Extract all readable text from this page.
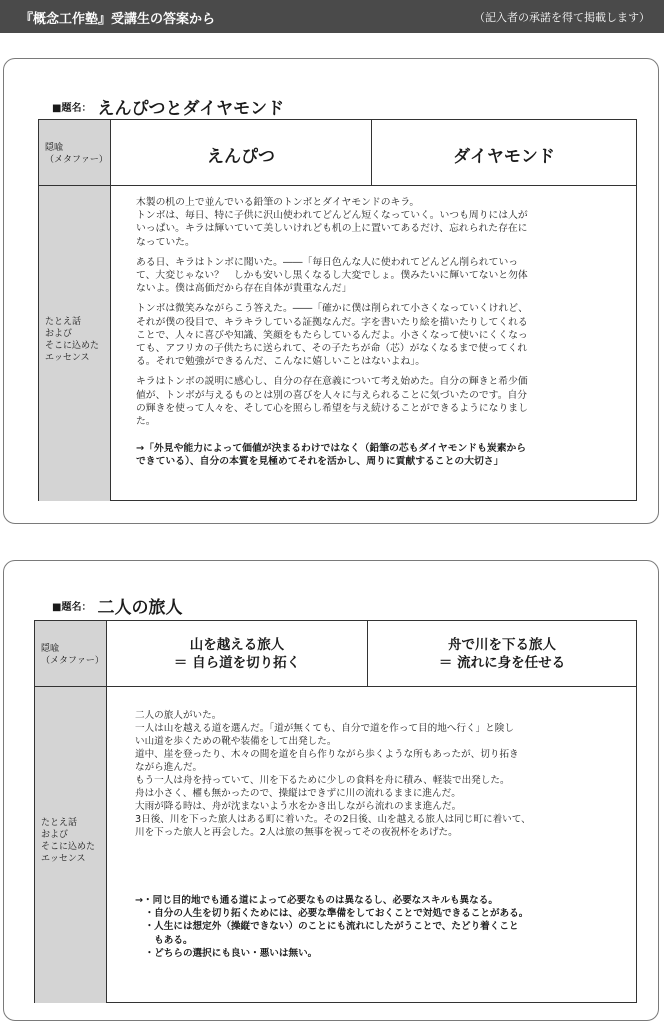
『概念工作塾』受講生の答案から	（記入者の承諾を得て掲載します）
■題名： えんぴつとダイヤモンド
隠喩
（メタファー）
たとえ話
および
そこに込めた
エッセンス
えんぴつ	ダイヤモンド

木製の机の上で並んでいる鉛筆のトンボとダイヤモンドのキラ。

トンボは、毎日、特に子供に沢山使われてどんどん短くなっていく。いつも周りには人が

いっぱい。キラは輝いていて美しいけれども机の上に置いてあるだけ、忘れられた存在に

なっていた。

ある日、キラはトンボに聞いた。――「毎日色んな人に使われてどんどん削られていっ

て、大変じゃない？　しかも安いし黒くなるし大変でしょ。僕みたいに輝いてないと勿体

ないよ。僕は高価だから存在自体が貴重なんだ」

トンボは微笑みながらこう答えた。――「確かに僕は削られて小さくなっていくけれど、

それが僕の役目で、キラキラしている証拠なんだ。字を書いたり絵を描いたりしてくれる

ことで、人々に喜びや知識、笑顔をもたらしているんだよ。小さくなって使いにくくなっ

ても、アフリカの子供たちに送られて、その子たちが命（芯）がなくなるまで使ってくれ

る。それで勉強ができるんだ、こんなに嬉しいことはないよね」。

キラはトンボの説明に感心し、自分の存在意義について考え始めた。自分の輝きと希少価

値が、トンボが与えるものとは別の喜びを人々に与えられることに気づいたのです。自分

の輝きを使って人々を、そして心を照らし希望を与え続けることができるようになりまし

た。

→「外見や能力によって価値が決まるわけではなく（鉛筆の芯もダイヤモンドも炭素から

できている）、自分の本質を見極めてそれを活かし、周りに貢献することの大切さ」

■題名： 二人の旅人
隠喩
（メタファー）
たとえ話
および
そこに込めた
エッセンス
山を越える旅人
＝ 自ら道を切り拓く
舟で川を下る旅人
＝ 流れに身を任せる

二人の旅人がいた。

一人は山を越える道を選んだ。「道が無くても、自分で道を作って目的地へ行く」と険し

い山道を歩くための靴や装備をして出発した。

道中、崖を登ったり、木々の間を道を自ら作りながら歩くような所もあったが、切り拓き

ながら進んだ。

もう一人は舟を持っていて、川を下るために少しの食料を舟に積み、軽装で出発した。

舟は小さく、櫂も無かったので、操縦はできずに川の流れるままに進んだ。

大雨が降る時は、舟が沈まないよう水をかき出しながら流れのまま進んだ。

3日後、川を下った旅人はある町に着いた。その2日後、山を越える旅人は同じ町に着いて、

川を下った旅人と再会した。2人は旅の無事を祝ってその夜祝杯をあげた。

→・同じ目的地でも通る道によって必要なものは異なるし、必要なスキルも異なる。

　・自分の人生を切り拓くためには、必要な準備をしておくことで対処できることがある。

　・人生には想定外（操縦できない）のことにも流れにしたがうことで、たどり着くこと

　　もある。

　・どちらの選択にも良い・悪いは無い。
